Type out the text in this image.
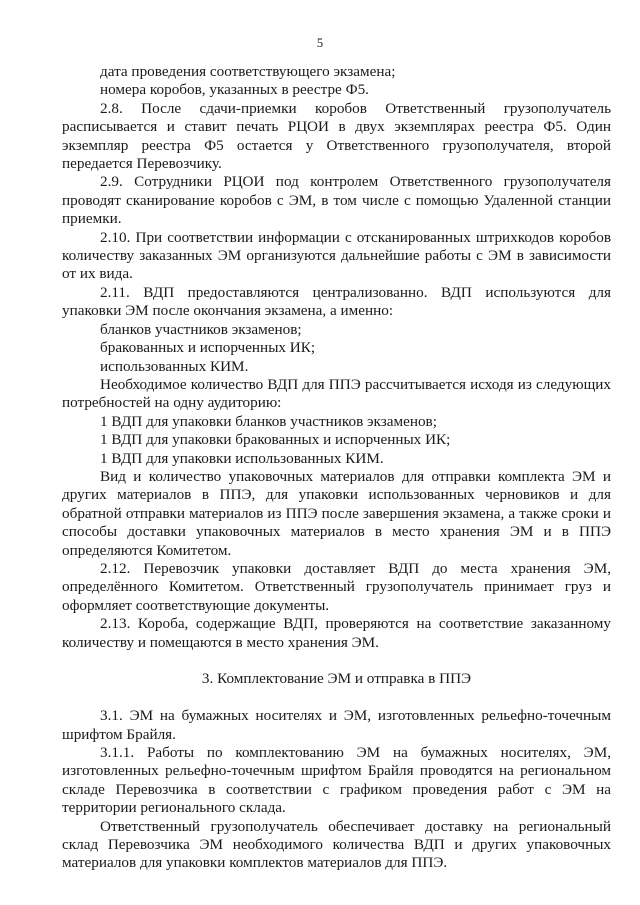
5

дата проведения соответствующего экзамена;

номера коробов, указанных в реестре Ф5.

2.8. После сдачи-приемки коробов Ответственный грузополучатель расписывается и ставит печать РЦОИ в двух экземплярах реестра Ф5. Один экземпляр реестра Ф5 остается у Ответственного грузополучателя, второй передается Перевозчику.

2.9. Сотрудники РЦОИ под контролем Ответственного грузополучателя проводят сканирование коробов с ЭМ, в том числе с помощью Удаленной станции приемки.

2.10. При соответствии информации с отсканированных штрихкодов коробов количеству заказанных ЭМ организуются дальнейшие работы с ЭМ в зависимости от их вида.

2.11. ВДП предоставляются централизованно. ВДП используются для упаковки ЭМ после окончания экзамена, а именно:

бланков участников экзаменов;

бракованных и испорченных ИК;

использованных КИМ.

Необходимое количество ВДП для ППЭ рассчитывается исходя из следующих потребностей на одну аудиторию:

1 ВДП для упаковки бланков участников экзаменов;

1 ВДП для упаковки бракованных и испорченных ИК;

1 ВДП для упаковки использованных КИМ.

Вид и количество упаковочных материалов для отправки комплекта ЭМ и других материалов в ППЭ, для упаковки использованных черновиков и для обратной отправки материалов из ППЭ после завершения экзамена, а также сроки и способы доставки упаковочных материалов в место хранения ЭМ и в ППЭ определяются Комитетом.

2.12. Перевозчик упаковки доставляет ВДП до места хранения ЭМ, определённого Комитетом. Ответственный грузополучатель принимает груз и оформляет соответствующие документы.

2.13. Короба, содержащие ВДП, проверяются на соответствие заказанному количеству и помещаются в место хранения ЭМ.

3. Комплектование ЭМ и отправка в ППЭ

3.1. ЭМ на бумажных носителях и ЭМ, изготовленных рельефно-точечным шрифтом Брайля.

3.1.1. Работы по комплектованию ЭМ на бумажных носителях, ЭМ, изготовленных рельефно-точечным шрифтом Брайля проводятся на региональном складе Перевозчика в соответствии с графиком проведения работ с ЭМ на территории регионального склада.

Ответственный грузополучатель обеспечивает доставку на региональный склад Перевозчика ЭМ необходимого количества ВДП и других упаковочных материалов для упаковки комплектов материалов для ППЭ.
